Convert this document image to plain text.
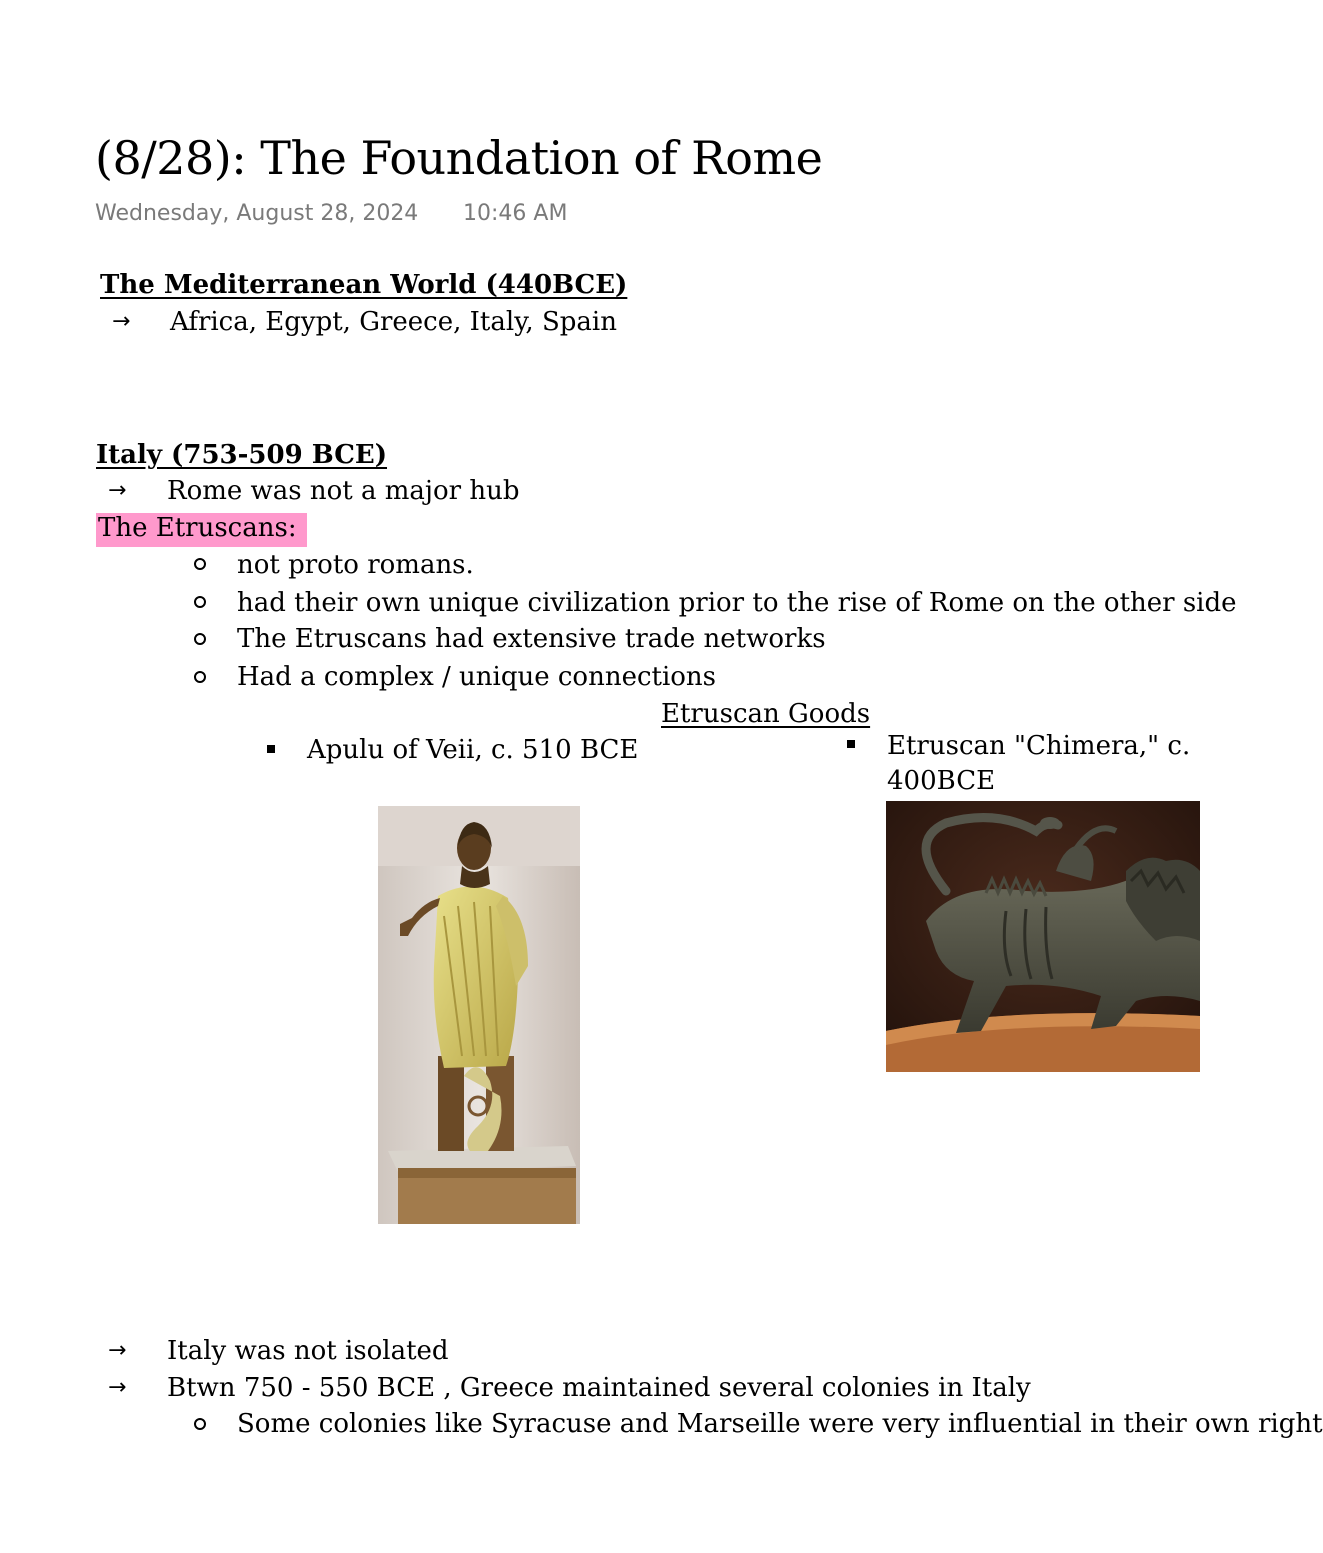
(8/28): The Foundation of Rome
Wednesday, August 28, 2024 10:46 AM
The Mediterranean World (440BCE)
→ Africa, Egypt, Greece, Italy, Spain
Italy (753-509 BCE)
→ Rome was not a major hub
The Etruscans:
not proto romans.
had their own unique civilization prior to the rise of Rome on the other side
The Etruscans had extensive trade networks
Had a complex / unique connections
Etruscan Goods
Apulu of Veii, c. 510 BCE	Etruscan "Chimera," c.
400BCE
→ Italy was not isolated
→ Btwn 750 - 550 BCE , Greece maintained several colonies in Italy
Some colonies like Syracuse and Marseille were very influential in their own right
